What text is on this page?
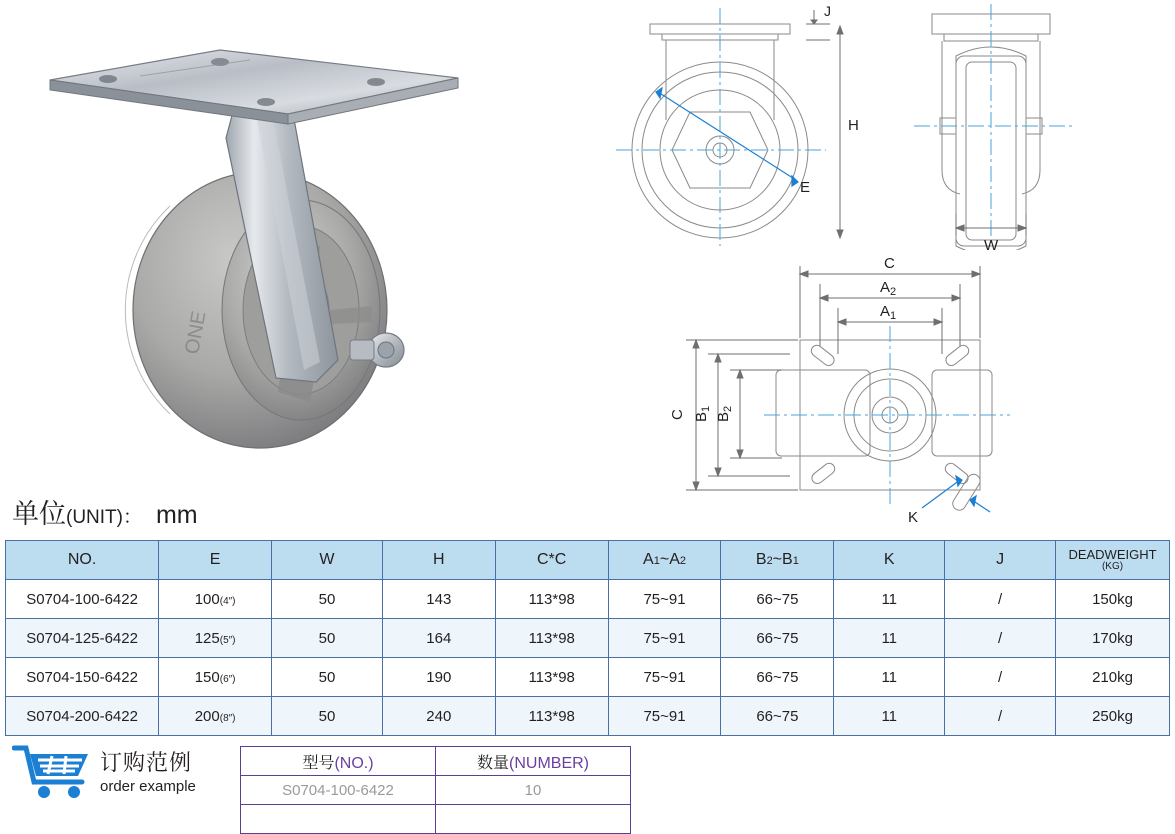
ONE
J
H
E
W
C
$A_2$
$A_1$
C $B_1$
$B_2$
K
单位(UNIT)： mm
NO.	E	W	H	C*C	A1~A2	B2~B1	K	J	DEADWEIGHT
(KG)

S0704-100-6422	100(4″)	50	143	113*98	75~91	66~75	11	/	150kg
S0704-125-6422	125(5″)	50	164	113*98	75~91	66~75	11	/	170kg
S0704-150-6422	150(6″)	50	190	113*98	75~91	66~75	11	/	210kg
S0704-200-6422	200(8″)	50	240	113*98	75~91	66~75	11	/	250kg
订购范例
order example
型号(NO.)	数量(NUMBER)
S0704-100-6422	10
